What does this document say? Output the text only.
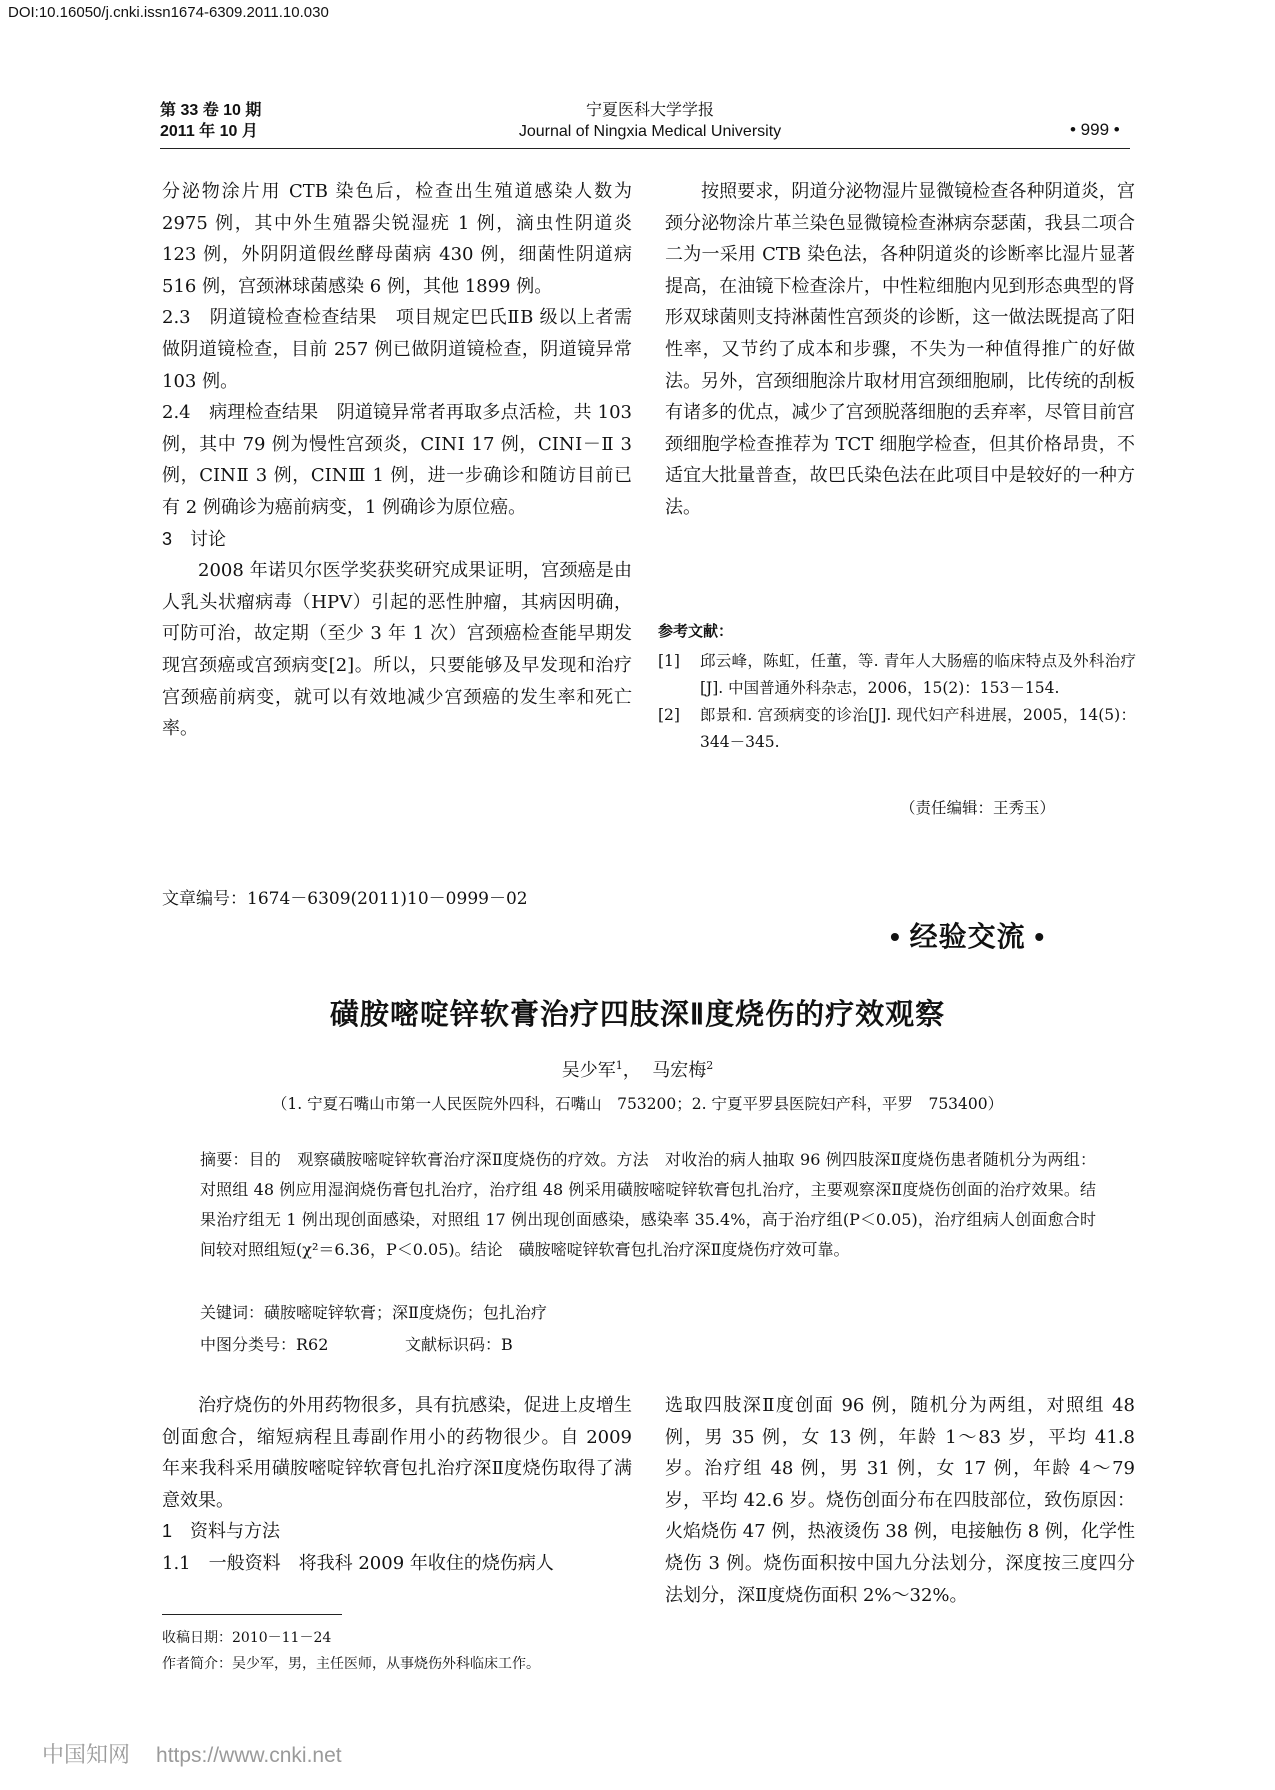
DOI:10.16050/j.cnki.issn1674-6309.2011.10.030
第 33 卷 10 期
2011 年 10 月
宁夏医科大学学报
Journal of Ningxia Medical University	• 999 •

分泌物涂片用 CTB 染色后，检查出生殖道感染人数为 2975 例，其中外生殖器尖锐湿疣 1 例，滴虫性阴道炎 123 例，外阴阴道假丝酵母菌病 430 例，细菌性阴道病 516 例，宫颈淋球菌感染 6 例，其他 1899 例。

2.3　阴道镜检查检查结果　项目规定巴氏ⅡB 级以上者需做阴道镜检查，目前 257 例已做阴道镜检查，阴道镜异常 103 例。

2.4　病理检查结果　阴道镜异常者再取多点活检，共 103 例，其中 79 例为慢性宫颈炎，CINⅠ 17 例，CINⅠ－Ⅱ 3 例，CINⅡ 3 例，CINⅢ 1 例，进一步确诊和随访目前已有 2 例确诊为癌前病变，1 例确诊为原位癌。

3　讨论

2008 年诺贝尔医学奖获奖研究成果证明，宫颈癌是由人乳头状瘤病毒（HPV）引起的恶性肿瘤，其病因明确，可防可治，故定期（至少 3 年 1 次）宫颈癌检查能早期发现宫颈癌或宫颈病变[2]。所以，只要能够及早发现和治疗宫颈癌前病变，就可以有效地减少宫颈癌的发生率和死亡率。

按照要求，阴道分泌物湿片显微镜检查各种阴道炎，宫颈分泌物涂片革兰染色显微镜检查淋病奈瑟菌，我县二项合二为一采用 CTB 染色法，各种阴道炎的诊断率比湿片显著提高，在油镜下检查涂片，中性粒细胞内见到形态典型的肾形双球菌则支持淋菌性宫颈炎的诊断，这一做法既提高了阳性率，又节约了成本和步骤，不失为一种值得推广的好做法。另外，宫颈细胞涂片取材用宫颈细胞刷，比传统的刮板有诸多的优点，减少了宫颈脱落细胞的丢弃率，尽管目前宫颈细胞学检查推荐为 TCT 细胞学检查，但其价格昂贵，不适宜大批量普查，故巴氏染色法在此项目中是较好的一种方法。

参考文献：
[1]	邱云峰，陈虹，任董，等. 青年人大肠癌的临床特点及外科治疗[J]. 中国普通外科杂志，2006，15(2)：153－154.
[2]	郎景和. 宫颈病变的诊治[J]. 现代妇产科进展，2005，14(5)：344－345.
（责任编辑：王秀玉）
文章编号：1674－6309(2011)10－0999－02
• 经验交流 •
磺胺嘧啶锌软膏治疗四肢深Ⅱ度烧伤的疗效观察
吴少军$^1$， 马宏梅$^2$
（1. 宁夏石嘴山市第一人民医院外四科，石嘴山　753200；2. 宁夏平罗县医院妇产科，平罗　753400）

摘要：目的　观察磺胺嘧啶锌软膏治疗深Ⅱ度烧伤的疗效。方法　对收治的病人抽取 96 例四肢深Ⅱ度烧伤患者随机分为两组：对照组 48 例应用湿润烧伤膏包扎治疗，治疗组 48 例采用磺胺嘧啶锌软膏包扎治疗，主要观察深Ⅱ度烧伤创面的治疗效果。结果治疗组无 1 例出现创面感染，对照组 17 例出现创面感染，感染率 35.4%，高于治疗组(P＜0.05)，治疗组病人创面愈合时间较对照组短(χ²＝6.36，P＜0.05)。结论　磺胺嘧啶锌软膏包扎治疗深Ⅱ度烧伤疗效可靠。

关键词：磺胺嘧啶锌软膏；深Ⅱ度烧伤；包扎治疗
中图分类号：R62	文献标识码：B

治疗烧伤的外用药物很多，具有抗感染，促进上皮增生创面愈合，缩短病程且毒副作用小的药物很少。自 2009 年来我科采用磺胺嘧啶锌软膏包扎治疗深Ⅱ度烧伤取得了满意效果。

1　资料与方法

1.1　一般资料　将我科 2009 年收住的烧伤病人

选取四肢深Ⅱ度创面 96 例，随机分为两组，对照组 48 例，男 35 例，女 13 例，年龄 1～83 岁，平均 41.8 岁。治疗组 48 例，男 31 例，女 17 例，年龄 4～79 岁，平均 42.6 岁。烧伤创面分布在四肢部位，致伤原因：火焰烧伤 47 例，热液烫伤 38 例，电接触伤 8 例，化学性烧伤 3 例。烧伤面积按中国九分法划分，深度按三度四分法划分，深Ⅱ度烧伤面积 2%～32%。

收稿日期：2010－11－24
作者简介：吴少军，男，主任医师，从事烧伤外科临床工作。
中国知网 https://www.cnki.net
